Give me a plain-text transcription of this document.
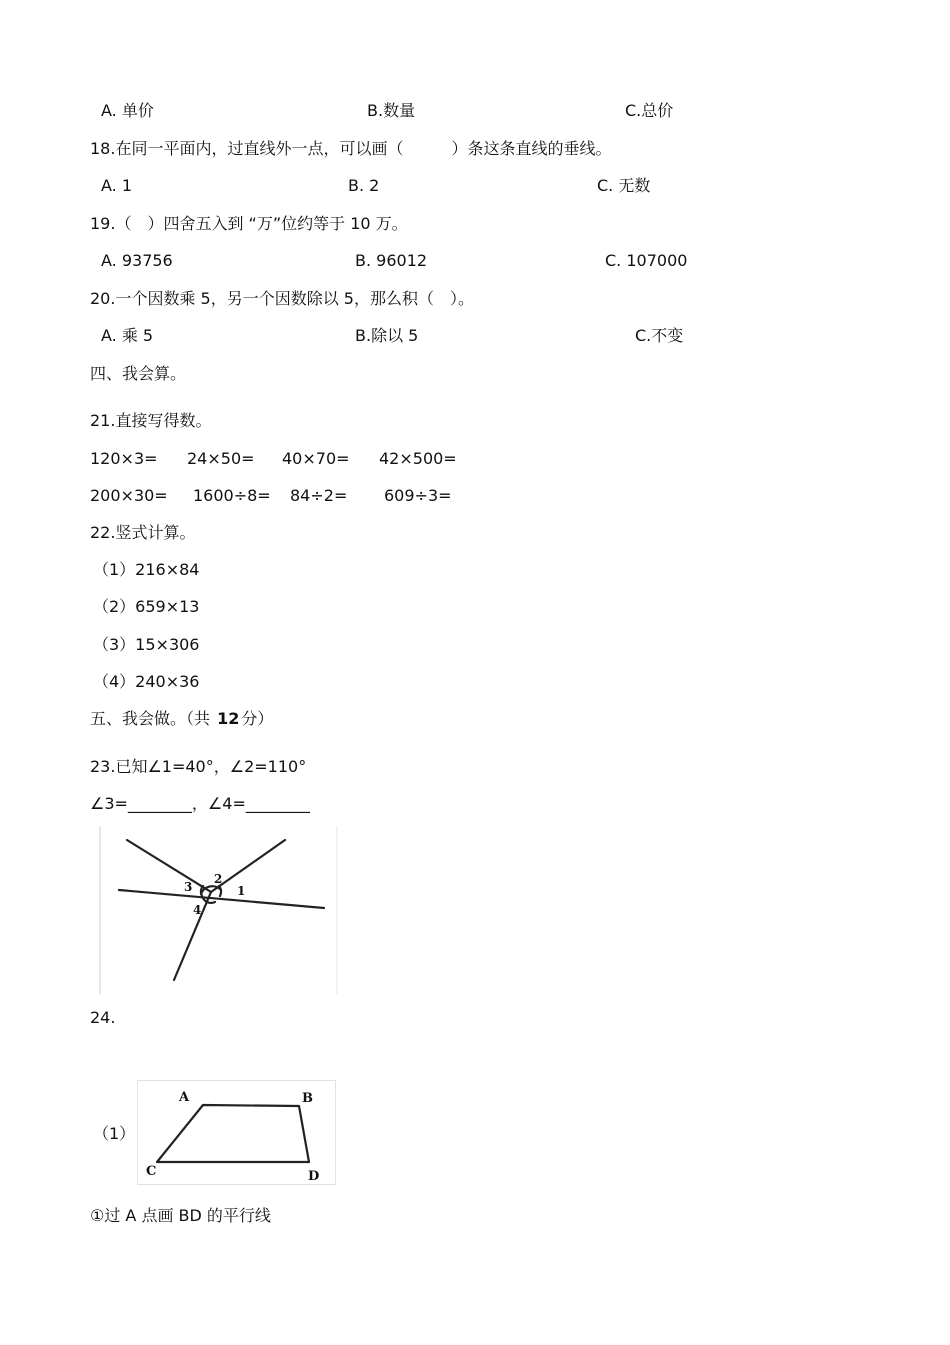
A. 单价	B.数量	C.总价
18.在同一平面内，过直线外一点，可以画（　　　）条这条直线的垂线。
A. 1	B. 2	C. 无数
19.（　）四舍五入到 “万”位约等于 10 万。
A. 93756	B. 96012	C. 107000
20.一个因数乘 5，另一个因数除以 5，那么积（　）。
A. 乘 5	B.除以 5	C.不变
四、我会算。
21.直接写得数。
120×3= 24×50= 40×70= 42×500=
200×30= 1600÷8= 84÷2= 609÷3=
22.竖式计算。
（1）216×84
（2）659×13
（3）15×306
（4）240×36
五、我会做。（共 12 分）
23.已知∠1=40°，∠2=110°
∠3=________，∠4=________
2
1
3
4
24.
（1）
A	B
C	D
①过 A 点画 BD 的平行线
